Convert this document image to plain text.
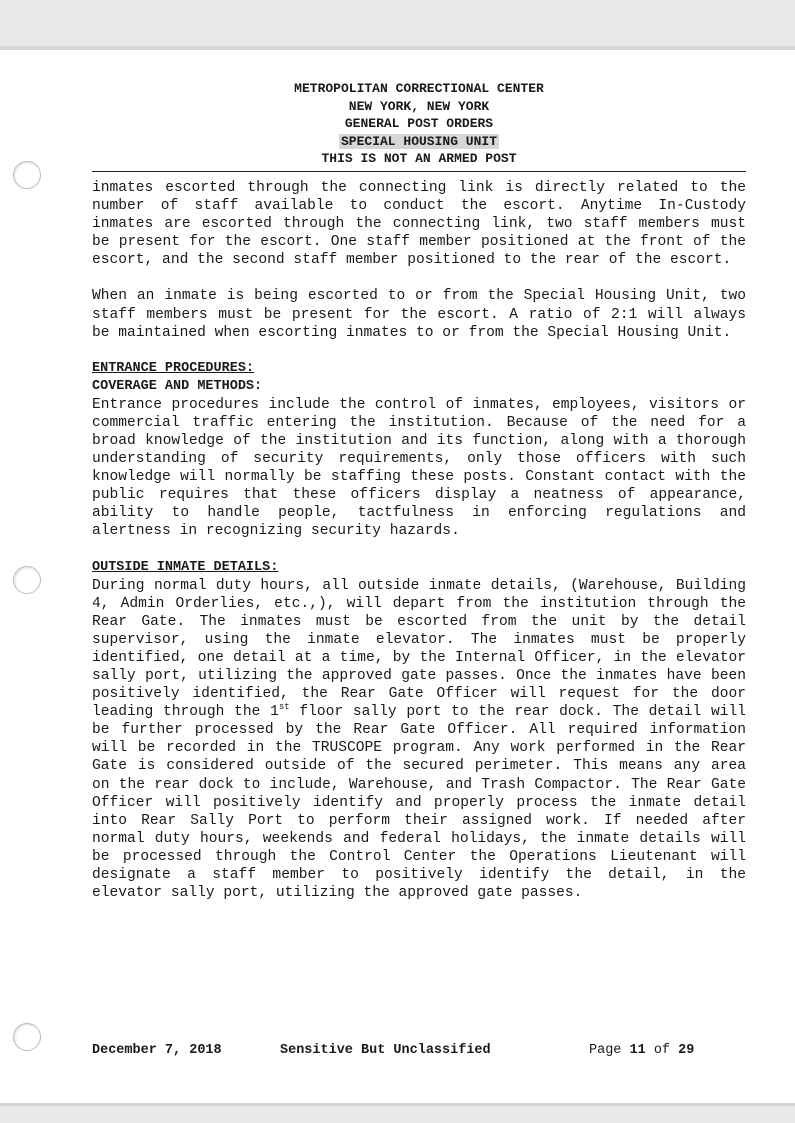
METROPOLITAN CORRECTIONAL CENTER
NEW YORK, NEW YORK
GENERAL POST ORDERS
SPECIAL HOUSING UNIT
THIS IS NOT AN ARMED POST

inmates escorted through the connecting link is directly related to the number of staff available to conduct the escort. Anytime In-Custody inmates are escorted through the connecting link, two staff members must be present for the escort. One staff member positioned at the front of the escort, and the second staff member positioned to the rear of the escort.

When an inmate is being escorted to or from the Special Housing Unit, two staff members must be present for the escort. A ratio of 2:1 will always be maintained when escorting inmates to or from the Special Housing Unit.

ENTRANCE PROCEDURES:
COVERAGE AND METHODS:

Entrance procedures include the control of inmates, employees, visitors or commercial traffic entering the institution. Because of the need for a broad knowledge of the institution and its function, along with a thorough understanding of security requirements, only those officers with such knowledge will normally be staffing these posts. Constant contact with the public requires that these officers display a neatness of appearance, ability to handle people, tactfulness in enforcing regulations and alertness in recognizing security hazards.

OUTSIDE INMATE DETAILS:

During normal duty hours, all outside inmate details, (Warehouse, Building 4, Admin Orderlies, etc.,), will depart from the institution through the Rear Gate. The inmates must be escorted from the unit by the detail supervisor, using the inmate elevator. The inmates must be properly identified, one detail at a time, by the Internal Officer, in the elevator sally port, utilizing the approved gate passes. Once the inmates have been positively identified, the Rear Gate Officer will request for the door leading through the 1st floor sally port to the rear dock. The detail will be further processed by the Rear Gate Officer. All required information will be recorded in the TRUSCOPE program. Any work performed in the Rear Gate is considered outside of the secured perimeter. This means any area on the rear dock to include, Warehouse, and Trash Compactor. The Rear Gate Officer will positively identify and properly process the inmate detail into Rear Sally Port to perform their assigned work. If needed after normal duty hours, weekends and federal holidays, the inmate details will be processed through the Control Center the Operations Lieutenant will designate a staff member to positively identify the detail, in the elevator sally port, utilizing the approved gate passes.

December 7, 2018	Sensitive But Unclassified	Page 11 of 29
